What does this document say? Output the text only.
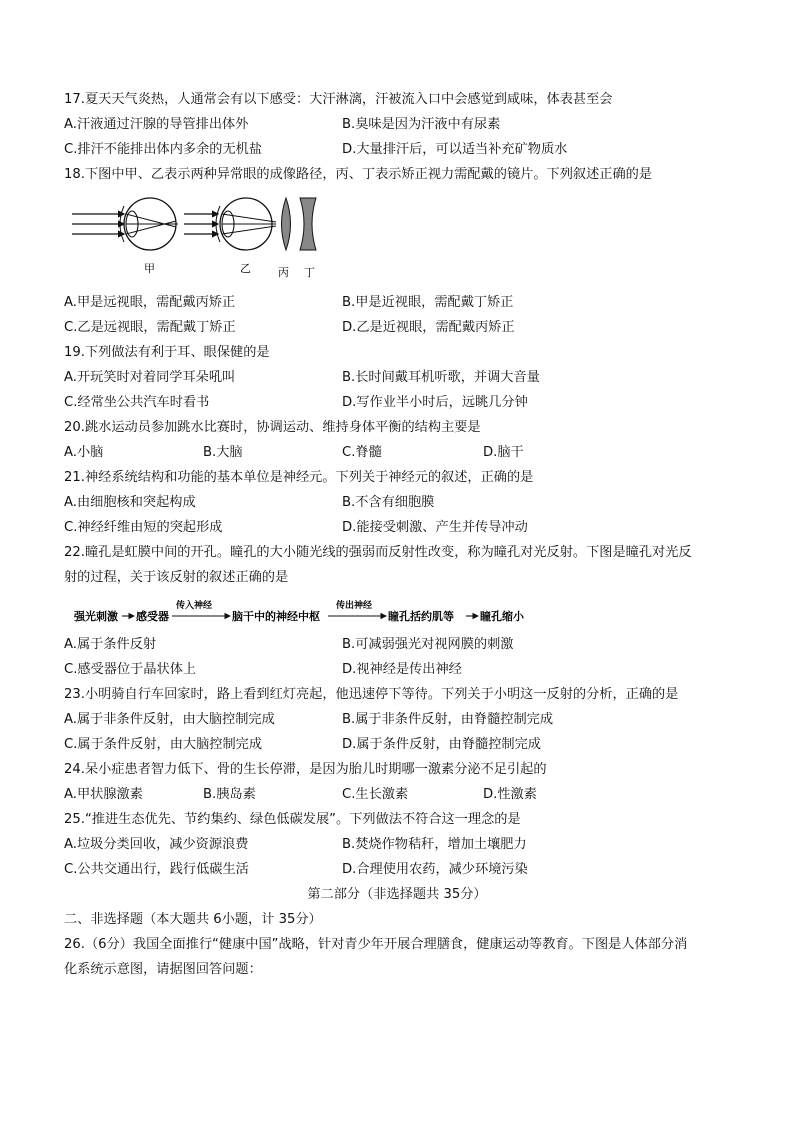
17.夏天天气炎热，人通常会有以下感受：大汗淋漓，汗被流入口中会感觉到咸味，体表甚至会
A.汗液通过汗腺的导管排出体外	B.臭味是因为汗液中有尿素
C.排汗不能排出体内多余的无机盐	D.大量排汗后，可以适当补充矿物质水
18.下图中甲、乙表示两种异常眼的成像路径，丙、丁表示矫正视力需配戴的镜片。下列叙述正确的是
甲	乙 丙 丁
A.甲是远视眼，需配戴丙矫正	B.甲是近视眼，需配戴丁矫正
C.乙是远视眼，需配戴丁矫正	D.乙是近视眼，需配戴丙矫正
19.下列做法有利于耳、眼保健的是
A.开玩笑时对着同学耳朵吼叫	B.长时间戴耳机听歌，并调大音量
C.经常坐公共汽车时看书	D.写作业半小时后，远眺几分钟
20.跳水运动员参加跳水比赛时，协调运动、维持身体平衡的结构主要是
A.小脑	B.大脑	C.脊髓	D.脑干
21.神经系统结构和功能的基本单位是神经元。下列关于神经元的叙述，正确的是
A.由细胞核和突起构成	B.不含有细胞膜
C.神经纤维由短的突起形成	D.能接受刺激、产生并传导冲动
22.瞳孔是虹膜中间的开孔。瞳孔的大小随光线的强弱而反射性改变，称为瞳孔对光反射。下图是瞳孔对光反
射的过程，关于该反射的叙述正确的是
强光刺激 感受器
传入神经
脑干中的神经中枢
传出神经
瞳孔括约肌等 瞳孔缩小
A.属于条件反射	B.可减弱强光对视网膜的刺激
C.感受器位于晶状体上	D.视神经是传出神经
23.小明骑自行车回家时，路上看到红灯亮起，他迅速停下等待。下列关于小明这一反射的分析，正确的是
A.属于非条件反射，由大脑控制完成	B.属于非条件反射，由脊髓控制完成
C.属于条件反射，由大脑控制完成	D.属于条件反射，由脊髓控制完成
24.呆小症患者智力低下、骨的生长停滞，是因为胎儿时期哪一激素分泌不足引起的
A.甲状腺激素	B.胰岛素	C.生长激素	D.性激素
25.“推进生态优先、节约集约、绿色低碳发展”。下列做法不符合这一理念的是
A.垃圾分类回收，减少资源浪费	B.焚烧作物秸秆，增加土壤肥力
C.公共交通出行，践行低碳生活	D.合理使用农药，减少环境污染
第二部分（非选择题共 35分）
二、非选择题（本大题共 6小题，计 35分）
26.（6分）我国全面推行“健康中国”战略，针对青少年开展合理膳食，健康运动等教育。下图是人体部分消
化系统示意图，请据图回答问题：
